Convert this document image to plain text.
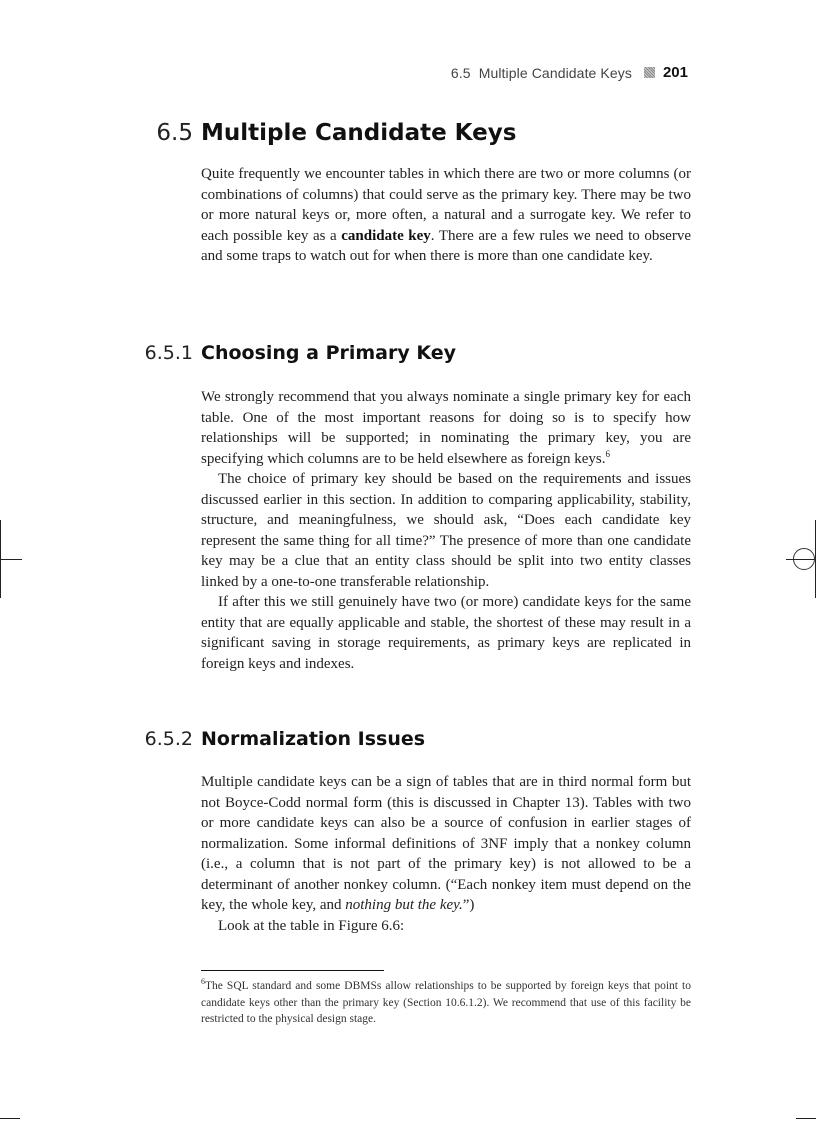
6.5 Multiple Candidate Keys 201
6.5 Multiple Candidate Keys

Quite frequently we encounter tables in which there are two or more columns (or combinations of columns) that could serve as the primary key. There may be two or more natural keys or, more often, a natural and a surrogate key. We refer to each possible key as a candidate key. There are a few rules we need to observe and some traps to watch out for when there is more than one candidate key.

6.5.1 Choosing a Primary Key

We strongly recommend that you always nominate a single primary key for each table. One of the most important reasons for doing so is to specify how relationships will be supported; in nominating the primary key, you are specifying which columns are to be held elsewhere as foreign keys.$^6$

The choice of primary key should be based on the requirements and issues discussed earlier in this section. In addition to comparing applicability, stability, structure, and meaningfulness, we should ask, “Does each candidate key represent the same thing for all time?” The presence of more than one candidate key may be a clue that an entity class should be split into two entity classes linked by a one-to-one transferable relationship.

If after this we still genuinely have two (or more) candidate keys for the same entity that are equally applicable and stable, the shortest of these may result in a significant saving in storage requirements, as primary keys are replicated in foreign keys and indexes.

6.5.2 Normalization Issues

Multiple candidate keys can be a sign of tables that are in third normal form but not Boyce-Codd normal form (this is discussed in Chapter 13). Tables with two or more candidate keys can also be a source of confusion in earlier stages of normalization. Some informal definitions of 3NF imply that a nonkey column (i.e., a column that is not part of the primary key) is not allowed to be a determinant of another nonkey column. (“Each nonkey item must depend on the key, the whole key, and nothing but the key.”)

Look at the table in Figure 6.6:

$^6$The SQL standard and some DBMSs allow relationships to be supported by foreign keys that point to candidate keys other than the primary key (Section 10.6.1.2). We recommend that use of this facility be restricted to the physical design stage.
